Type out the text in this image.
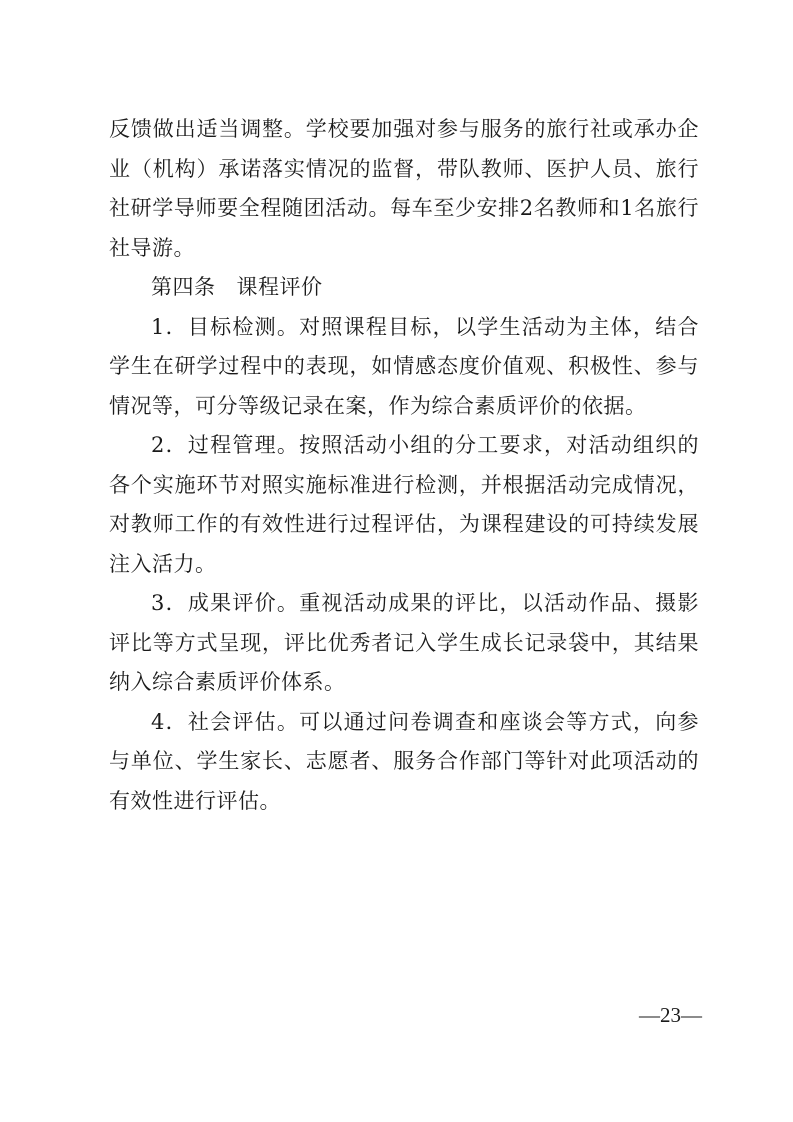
反馈做出适当调整。学校要加强对参与服务的旅行社或承办企业（机构）承诺落实情况的监督，带队教师、医护人员、旅行社研学导师要全程随团活动。每车至少安排2名教师和1名旅行社导游。

第四条 课程评价

1．目标检测。对照课程目标，以学生活动为主体，结合学生在研学过程中的表现，如情感态度价值观、积极性、参与情况等，可分等级记录在案，作为综合素质评价的依据。

2．过程管理。按照活动小组的分工要求，对活动组织的各个实施环节对照实施标准进行检测，并根据活动完成情况，对教师工作的有效性进行过程评估，为课程建设的可持续发展注入活力。

3．成果评价。重视活动成果的评比，以活动作品、摄影评比等方式呈现，评比优秀者记入学生成长记录袋中，其结果纳入综合素质评价体系。

4．社会评估。可以通过问卷调查和座谈会等方式，向参与单位、学生家长、志愿者、服务合作部门等针对此项活动的有效性进行评估。

—23—
